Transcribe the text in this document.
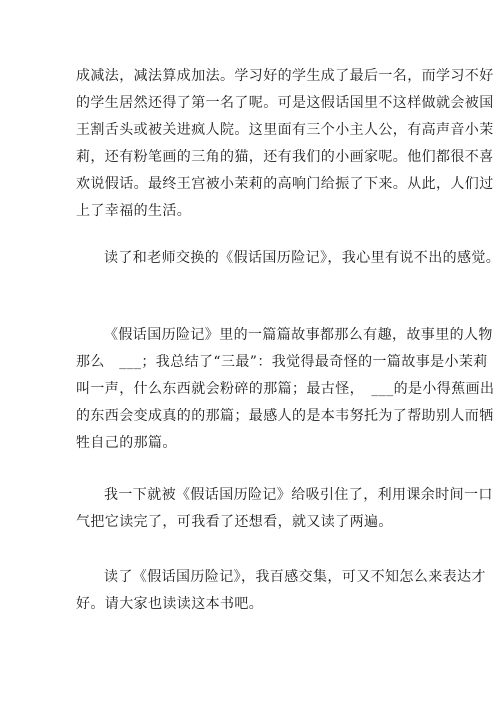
成减法，减法算成加法。学习好的学生成了最后一名，而学习不好
的学生居然还得了第一名了呢。可是这假话国里不这样做就会被国
王割舌头或被关进疯人院。这里面有三个小主人公，有高声音小茉
莉，还有粉笔画的三角的猫，还有我们的小画家呢。他们都很不喜
欢说假话。最终王宫被小茉莉的高响门给振了下来。从此，人们过
上了幸福的生活。
读了和老师交换的《假话国历险记》，我心里有说不出的感觉。
《假话国历险记》里的一篇篇故事都那么有趣，故事里的人物
那么　___；我总结了“三最”：我觉得最奇怪的一篇故事是小茉莉
叫一声，什么东西就会粉碎的那篇；最古怪，　___的是小得蕉画出
的东西会变成真的的那篇；最感人的是本韦努托为了帮助别人而牺
牲自己的那篇。
我一下就被《假话国历险记》给吸引住了，利用课余时间一口
气把它读完了，可我看了还想看，就又读了两遍。
读了《假话国历险记》，我百感交集，可又不知怎么来表达才
好。请大家也读读这本书吧。
